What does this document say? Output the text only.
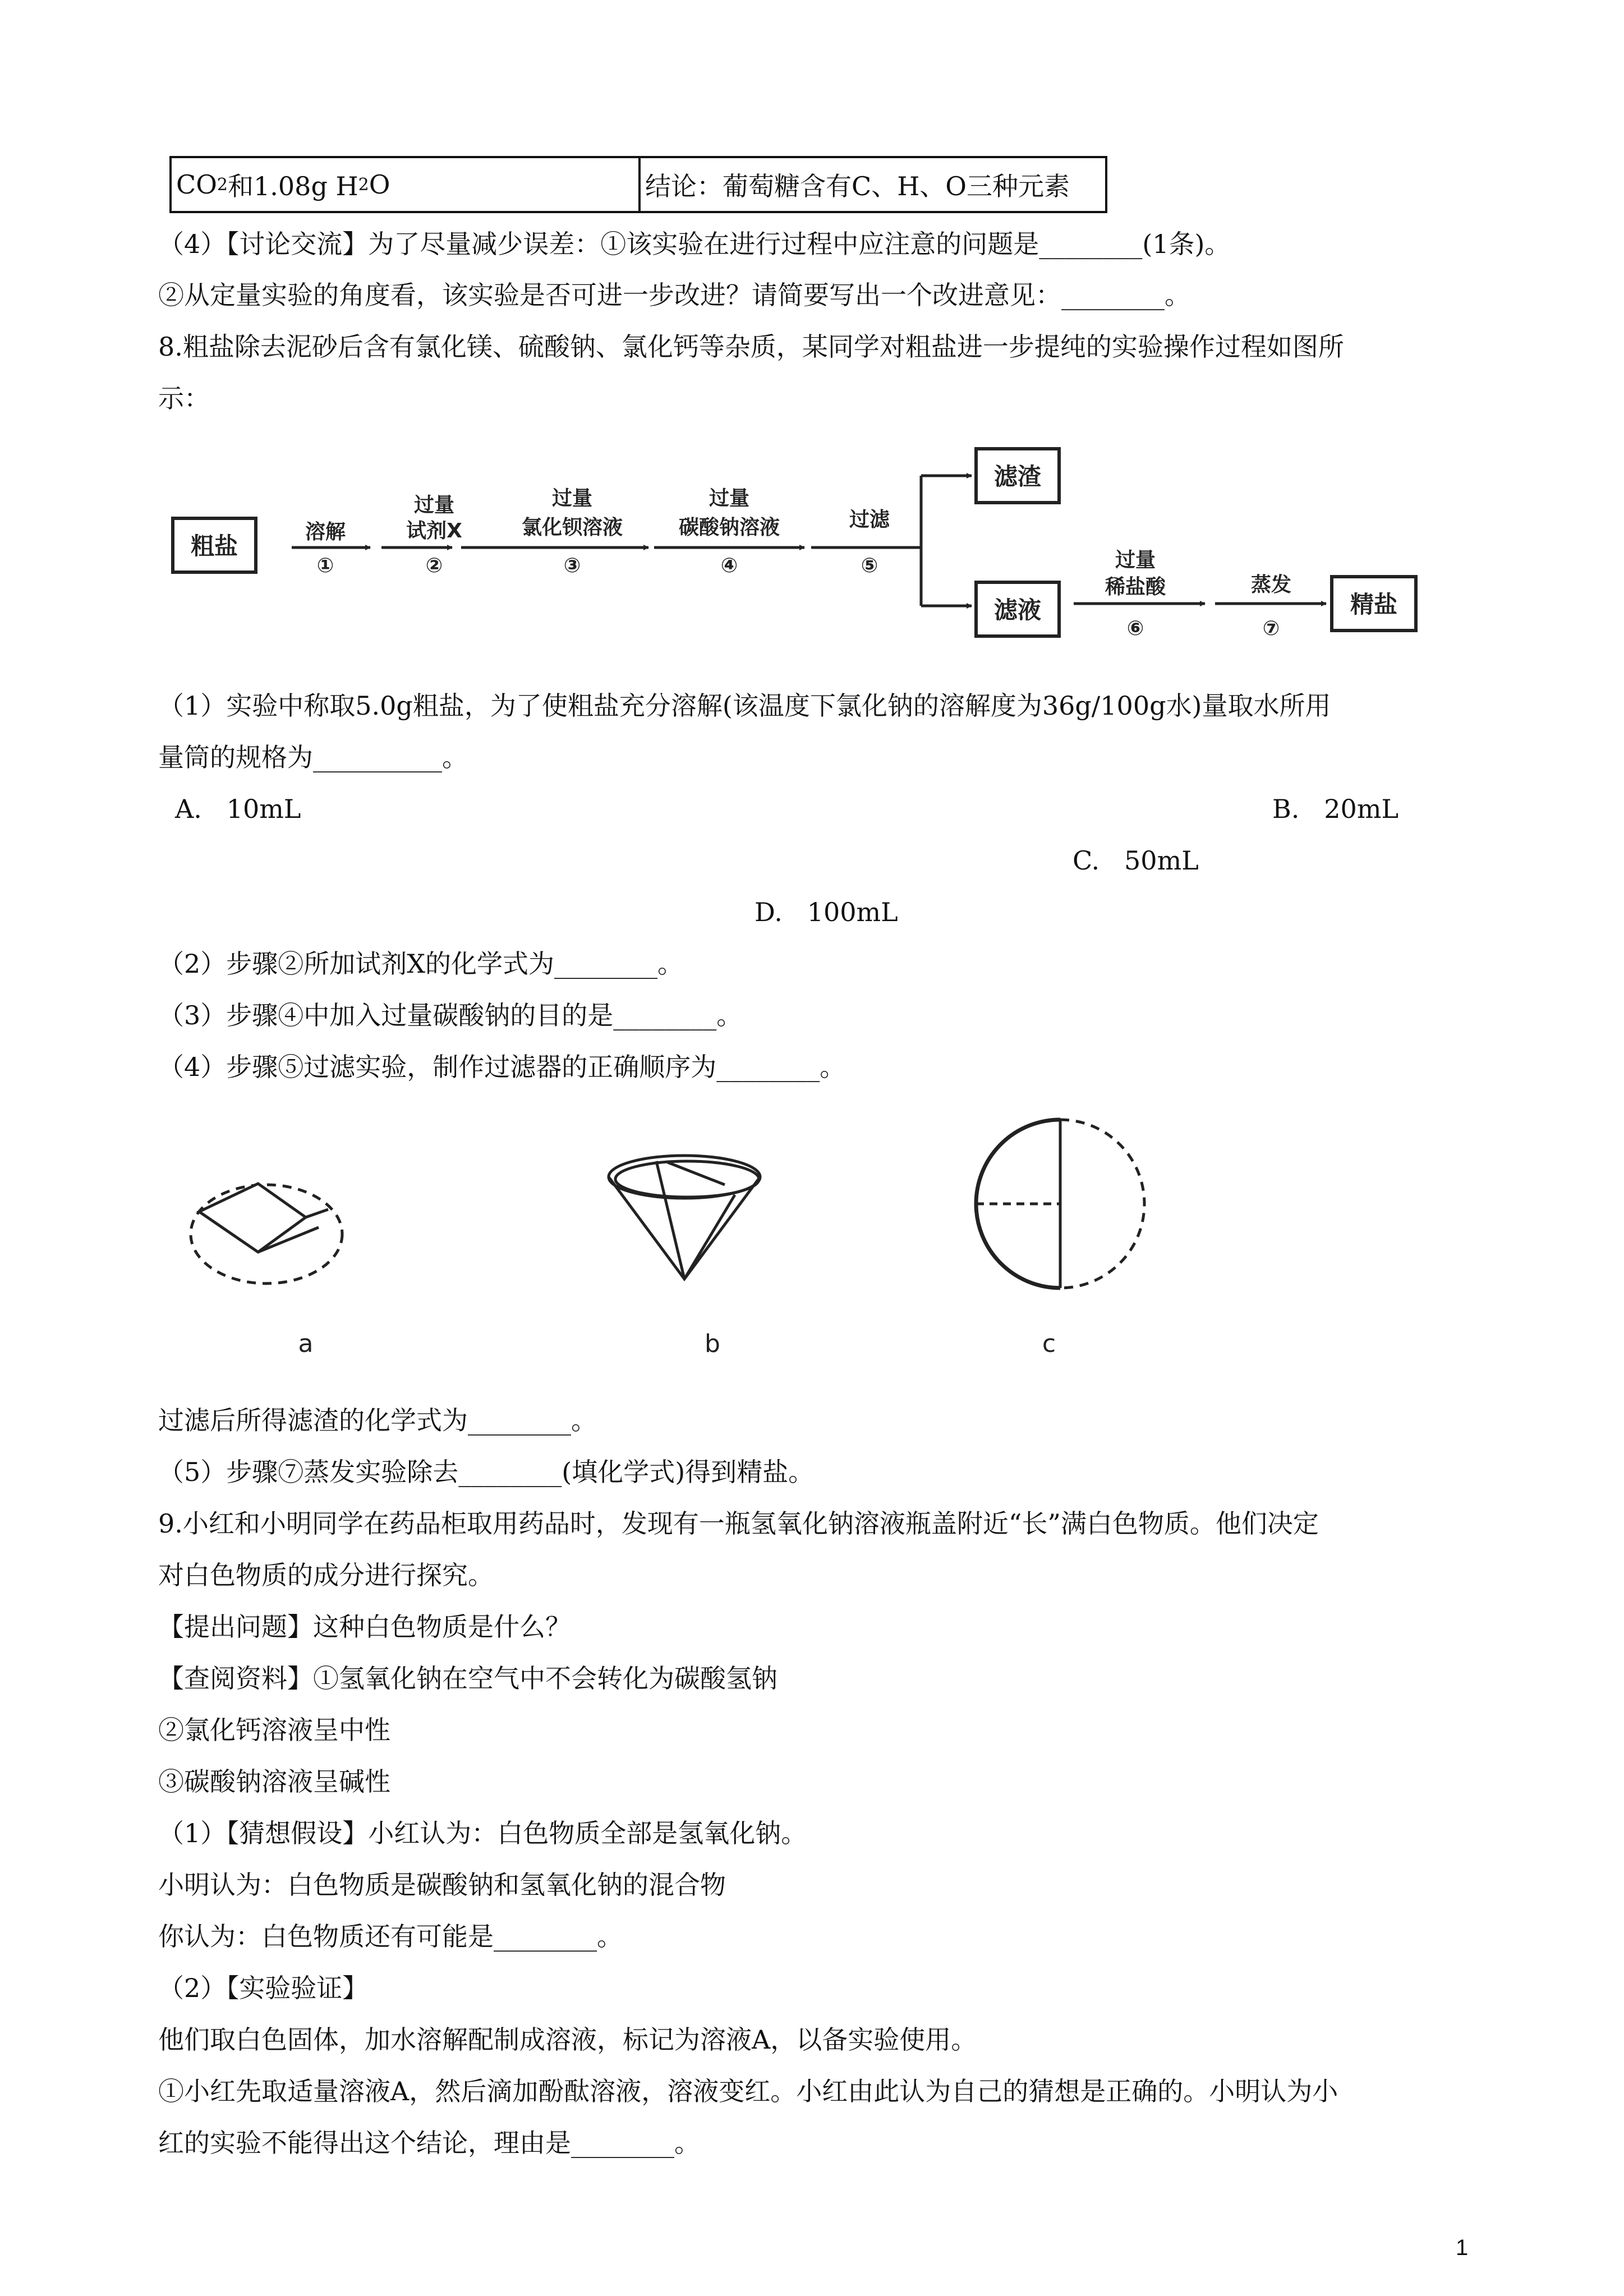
CO 2 和1.08g H 2 O	结论：葡萄糖含有C、H、O三种元素
（4）【讨论交流】为了尽量减少误差：①该实验在进行过程中应注意的问题是________(1条)。
②从定量实验的角度看，该实验是否可进一步改进？请简要写出一个改进意见：________。
8.粗盐除去泥砂后含有氯化镁、硫酸钠、氯化钙等杂质，某同学对粗盐进一步提纯的实验操作过程如图所
示：
粗盐
滤渣
滤液	精盐
溶解
①
过量
试剂X
②
过量
氯化钡溶液
③
过量
碳酸钠溶液
④
过滤
⑤	过量
稀盐酸
⑥
蒸发
⑦
（1）实验中称取5.0g粗盐，为了使粗盐充分溶解(该温度下氯化钠的溶解度为36g/100g水)量取水所用
量筒的规格为__________。
A.   10mL	B.   20mL
C.   50mL
D.   100mL
（2）步骤②所加试剂X的化学式为________。
（3）步骤④中加入过量碳酸钠的目的是________。
（4）步骤⑤过滤实验，制作过滤器的正确顺序为________。
a	b	c
过滤后所得滤渣的化学式为________。
（5）步骤⑦蒸发实验除去________(填化学式)得到精盐。
9.小红和小明同学在药品柜取用药品时，发现有一瓶氢氧化钠溶液瓶盖附近“长”满白色物质。他们决定
对白色物质的成分进行探究。
【提出问题】这种白色物质是什么？
【查阅资料】①氢氧化钠在空气中不会转化为碳酸氢钠
②氯化钙溶液呈中性
③碳酸钠溶液呈碱性
（1）【猜想假设】小红认为：白色物质全部是氢氧化钠。
小明认为：白色物质是碳酸钠和氢氧化钠的混合物
你认为：白色物质还有可能是________。
（2）【实验验证】
他们取白色固体，加水溶解配制成溶液，标记为溶液A，以备实验使用。
①小红先取适量溶液A，然后滴加酚酞溶液，溶液变红。小红由此认为自己的猜想是正确的。小明认为小
红的实验不能得出这个结论，理由是________。
1
